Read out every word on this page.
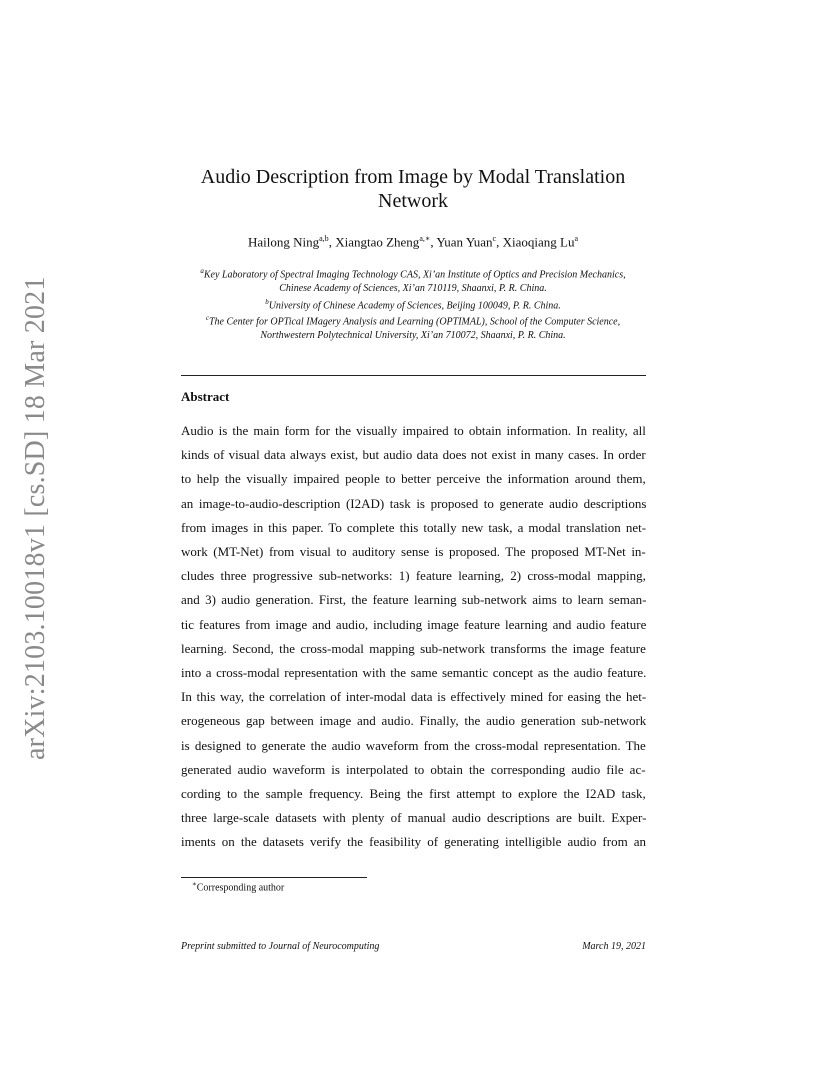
arXiv:2103.10018v1 [cs.SD] 18 Mar 2021
Audio Description from Image by Modal Translation
Network
Hailong Ning$^{a,b}$, Xiangtao Zheng$^{a,∗}$, Yuan Yuan$^c$, Xiaoqiang Lu$^a$
$^a$Key Laboratory of Spectral Imaging Technology CAS, Xi’an Institute of Optics and Precision Mechanics,
Chinese Academy of Sciences, Xi’an 710119, Shaanxi, P. R. China.
$^b$University of Chinese Academy of Sciences, Beijing 100049, P. R. China.
$^c$The Center for OPTical IMagery Analysis and Learning (OPTIMAL), School of the Computer Science,
Northwestern Polytechnical University, Xi’an 710072, Shaanxi, P. R. China.
Abstract
Audio is the main form for the visually impaired to obtain information. In reality, all
kinds of visual data always exist, but audio data does not exist in many cases. In order
to help the visually impaired people to better perceive the information around them,
an image-to-audio-description (I2AD) task is proposed to generate audio descriptions
from images in this paper. To complete this totally new task, a modal translation net-
work (MT-Net) from visual to auditory sense is proposed. The proposed MT-Net in-
cludes three progressive sub-networks: 1) feature learning, 2) cross-modal mapping,
and 3) audio generation. First, the feature learning sub-network aims to learn seman-
tic features from image and audio, including image feature learning and audio feature
learning. Second, the cross-modal mapping sub-network transforms the image feature
into a cross-modal representation with the same semantic concept as the audio feature.
In this way, the correlation of inter-modal data is effectively mined for easing the het-
erogeneous gap between image and audio. Finally, the audio generation sub-network
is designed to generate the audio waveform from the cross-modal representation. The
generated audio waveform is interpolated to obtain the corresponding audio file ac-
cording to the sample frequency. Being the first attempt to explore the I2AD task,
three large-scale datasets with plenty of manual audio descriptions are built. Exper-
iments on the datasets verify the feasibility of generating intelligible audio from an
∗Corresponding author
Preprint submitted to Journal of Neurocomputing	March 19, 2021
